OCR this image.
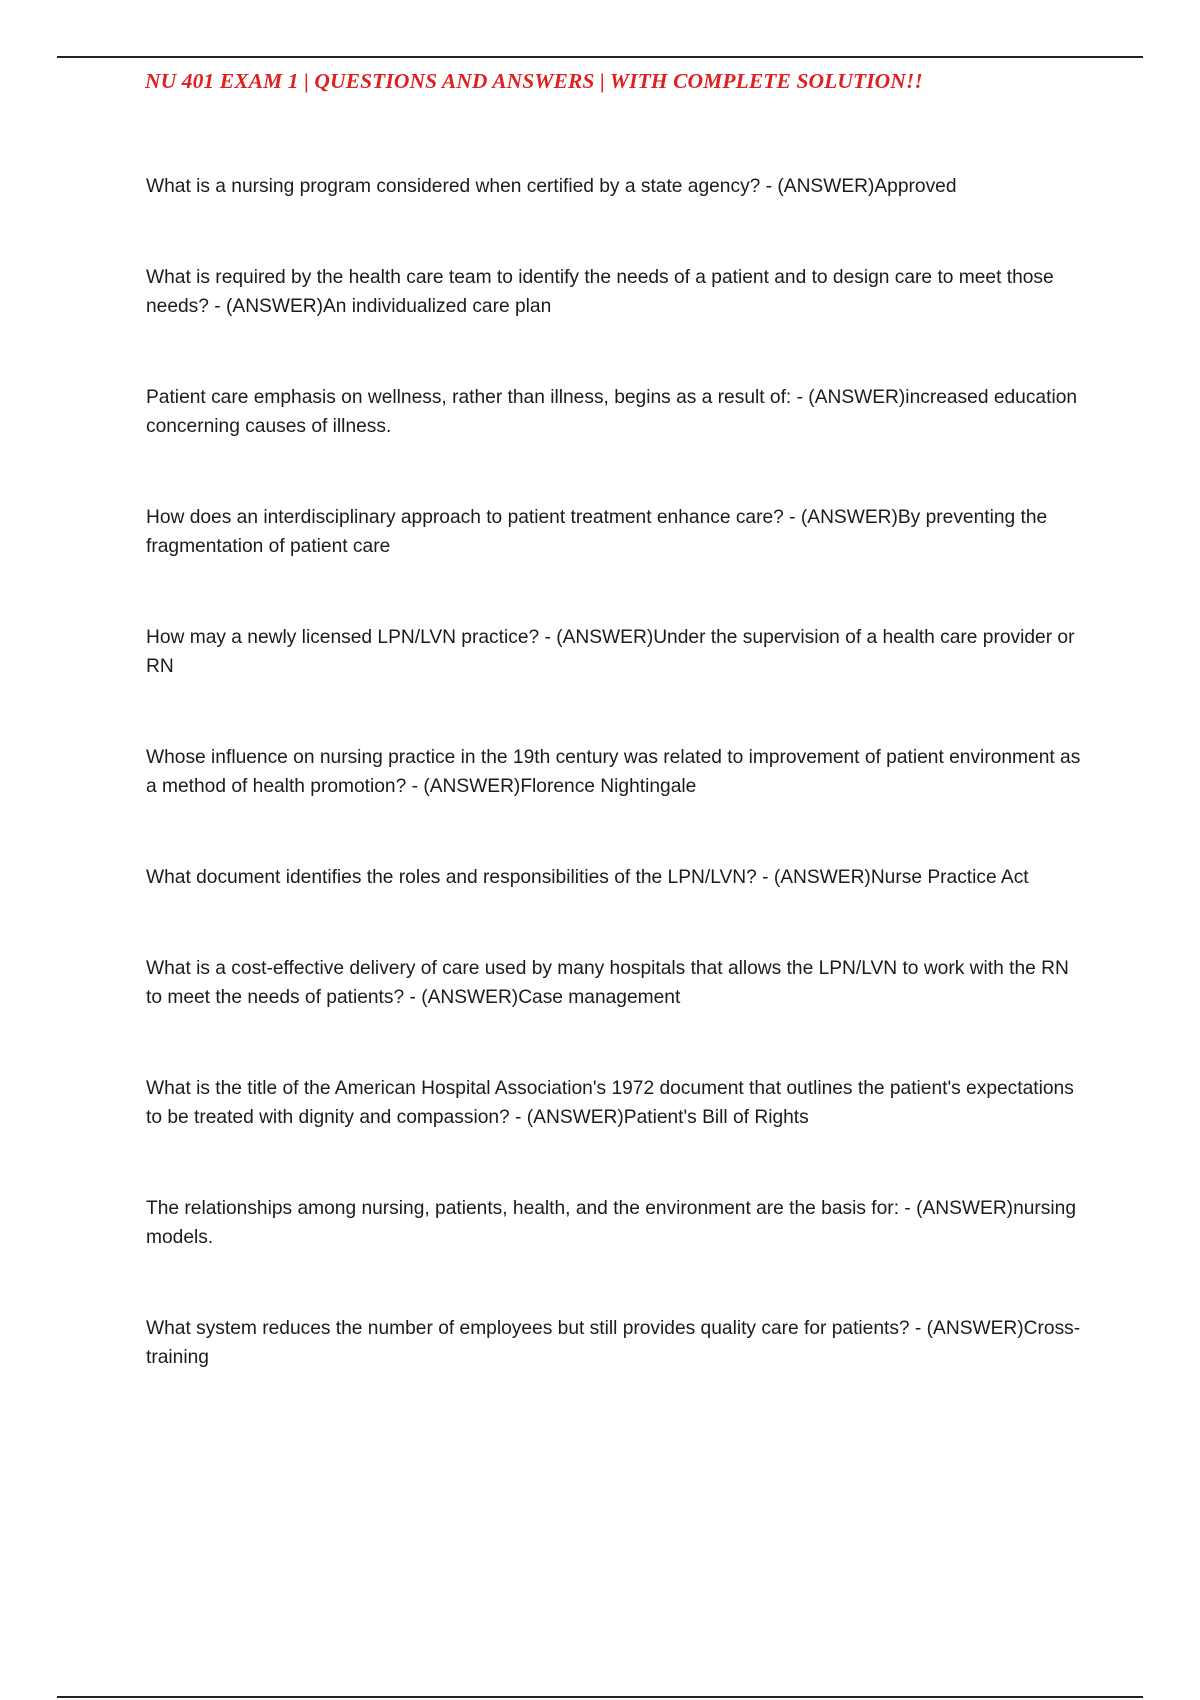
NU 401 EXAM 1 | QUESTIONS AND ANSWERS | WITH COMPLETE SOLUTION!!
What is a nursing program considered when certified by a state agency? - (ANSWER)Approved
What is required by the health care team to identify the needs of a patient and to design care to meet those needs? - (ANSWER)An individualized care plan
Patient care emphasis on wellness, rather than illness, begins as a result of: - (ANSWER)increased education concerning causes of illness.
How does an interdisciplinary approach to patient treatment enhance care? - (ANSWER)By preventing the fragmentation of patient care
How may a newly licensed LPN/LVN practice? - (ANSWER)Under the supervision of a health care provider or RN
Whose influence on nursing practice in the 19th century was related to improvement of patient environment as a method of health promotion? - (ANSWER)Florence Nightingale
What document identifies the roles and responsibilities of the LPN/LVN? - (ANSWER)Nurse Practice Act
What is a cost-effective delivery of care used by many hospitals that allows the LPN/LVN to work with the RN to meet the needs of patients? - (ANSWER)Case management
What is the title of the American Hospital Association's 1972 document that outlines the patient's expectations to be treated with dignity and compassion? - (ANSWER)Patient's Bill of Rights
The relationships among nursing, patients, health, and the environment are the basis for: - (ANSWER)nursing models.
What system reduces the number of employees but still provides quality care for patients? - (ANSWER)Cross-training
